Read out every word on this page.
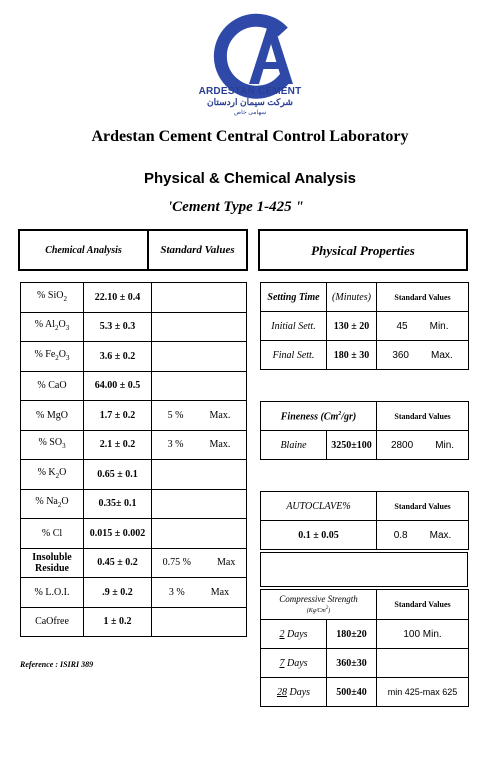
ARDESTAN CEMENT
شرکت سیمان اردستان
سهامی خاص
Ardestan Cement Central Control Laboratory
Physical & Chemical Analysis
'Cement Type 1-425 "
Chemical Analysis	Standard Values
% SiO$_2$	22.10 ± 0.4	
% $Al_2O_3$	5.3 ± 0.3	
% $Fe_2O_3$	3.6 ± 0.2	
% CaO	64.00 ± 0.5	
% MgO	1.7 ± 0.2	5 % Max.
% $SO_3$	2.1 ± 0.2	3 % Max.
% $K_2O$	0.65 ± 0.1	
% $Na_2O$	0.35± 0.1	
% Cl	0.015 ± 0.002	

Insoluble
Residue	0.45 ± 0.2	0.75 % Max
% L.O.I.	.9 ± 0.2	3 % Max
CaOfree	1 ± 0.2	
Physical Properties
Setting Time	(Minutes)	Standard Values
Initial Sett.	130 ± 20	45 Min.
Final Sett.	180 ± 30	360 Max.
Fineness (Cm$^2$/gr)		Standard Values
Blaine	3250±100	2800 Min.
AUTOCLAVE%	Standard Values
0.1 ± 0.05	0.8 Max.
Compressive Strength
(Kg/Cm$^2$)		Standard Values
2 Days	180±20	100 Min.
7 Days	360±30	
28 Days	500±40	min 425-max 625
Reference : ISIRI 389
